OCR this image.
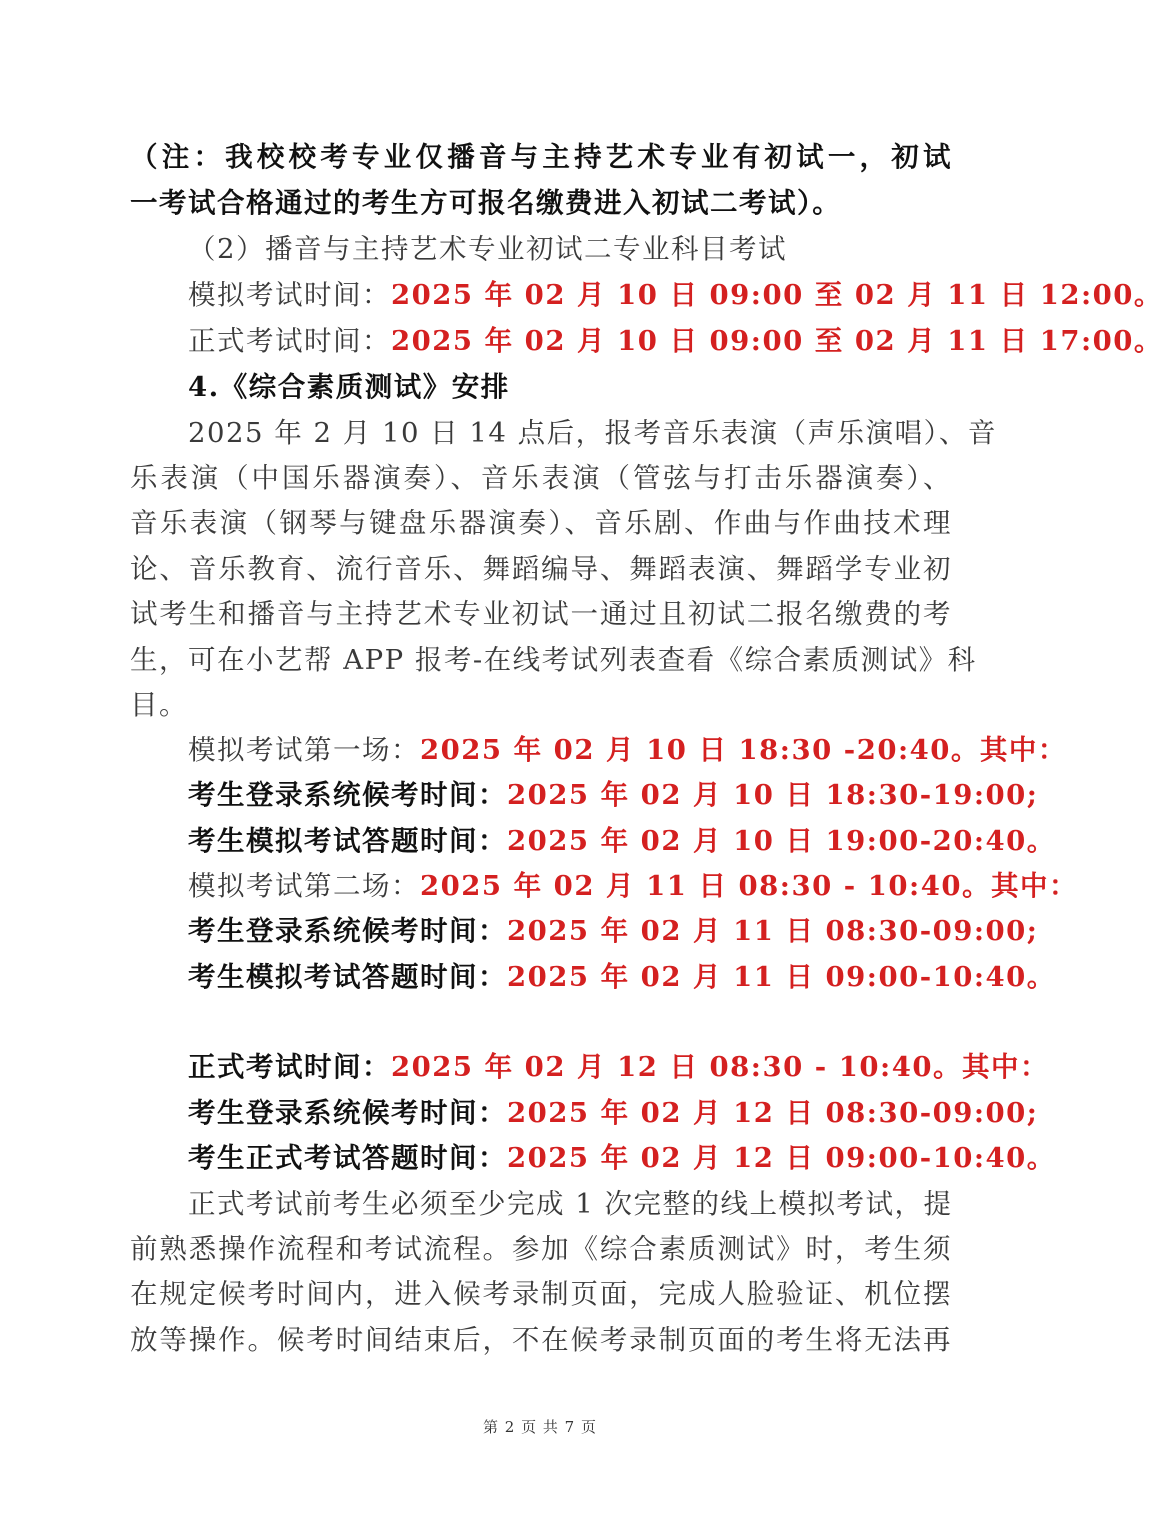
（注：我校校考专业仅播音与主持艺术专业有初试一，初试
一考试合格通过的考生方可报名缴费进入初试二考试）。
（2）播音与主持艺术专业初试二专业科目考试
模拟考试时间：2025 年 02 月 10 日 09:00 至 02 月 11 日 12:00。
正式考试时间：2025 年 02 月 10 日 09:00 至 02 月 11 日 17:00。
4.《综合素质测试》安排
2025 年 2 月 10 日 14 点后，报考音乐表演（声乐演唱）、音
乐表演（中国乐器演奏）、音乐表演（管弦与打击乐器演奏）、
音乐表演（钢琴与键盘乐器演奏）、音乐剧、作曲与作曲技术理
论、音乐教育、流行音乐、舞蹈编导、舞蹈表演、舞蹈学专业初
试考生和播音与主持艺术专业初试一通过且初试二报名缴费的考
生，可在小艺帮 APP 报考-在线考试列表查看《综合素质测试》科
目。
模拟考试第一场：2025 年 02 月 10 日 18:30 -20:40。其中：
考生登录系统候考时间：2025 年 02 月 10 日 18:30-19:00;
考生模拟考试答题时间：2025 年 02 月 10 日 19:00-20:40。
模拟考试第二场：2025 年 02 月 11 日 08:30 - 10:40。其中：
考生登录系统候考时间：2025 年 02 月 11 日 08:30-09:00;
考生模拟考试答题时间：2025 年 02 月 11 日 09:00-10:40。
正式考试时间：2025 年 02 月 12 日 08:30 - 10:40。其中：
考生登录系统候考时间：2025 年 02 月 12 日 08:30-09:00;
考生正式考试答题时间：2025 年 02 月 12 日 09:00-10:40。
正式考试前考生必须至少完成 1 次完整的线上模拟考试，提
前熟悉操作流程和考试流程。参加《综合素质测试》时，考生须
在规定候考时间内，进入候考录制页面，完成人脸验证、机位摆
放等操作。候考时间结束后，不在候考录制页面的考生将无法再
第 2 页 共 7 页
